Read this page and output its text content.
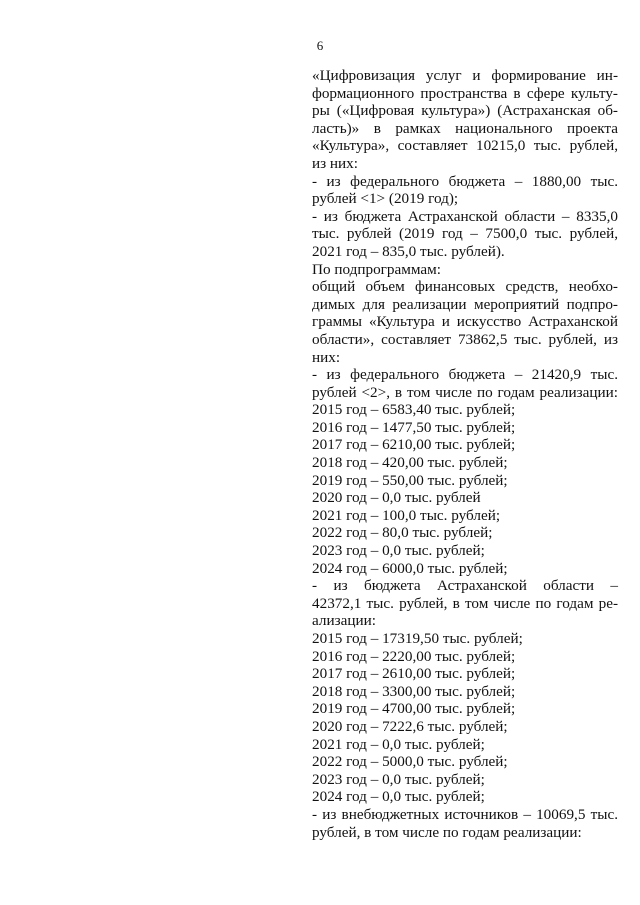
6
«Цифровизация услуг и формирование ин-
формационного пространства в сфере культу-
ры («Цифровая культура») (Астраханская об-
ласть)» в рамках национального проекта
«Культура», составляет 10215,0 тыс. рублей,
из них:
- из федерального бюджета – 1880,00 тыс.
рублей <1> (2019 год);
- из бюджета Астраханской области – 8335,0
тыс. рублей (2019 год – 7500,0 тыс. рублей,
2021 год – 835,0 тыс. рублей).
По подпрограммам:
общий объем финансовых средств, необхо-
димых для реализации мероприятий подпро-
граммы «Культура и искусство Астраханской
области», составляет 73862,5 тыс. рублей, из
них:
- из федерального бюджета – 21420,9 тыс.
рублей <2>, в том числе по годам реализации:
2015 год – 6583,40 тыс. рублей;
2016 год – 1477,50 тыс. рублей;
2017 год – 6210,00 тыс. рублей;
2018 год – 420,00 тыс. рублей;
2019 год – 550,00 тыс. рублей;
2020 год – 0,0 тыс. рублей
2021 год – 100,0 тыс. рублей;
2022 год – 80,0 тыс. рублей;
2023 год – 0,0 тыс. рублей;
2024 год – 6000,0 тыс. рублей;
- из бюджета Астраханской области –
42372,1 тыс. рублей, в том числе по годам ре-
ализации:
2015 год – 17319,50 тыс. рублей;
2016 год – 2220,00 тыс. рублей;
2017 год – 2610,00 тыс. рублей;
2018 год – 3300,00 тыс. рублей;
2019 год – 4700,00 тыс. рублей;
2020 год – 7222,6 тыс. рублей;
2021 год – 0,0 тыс. рублей;
2022 год – 5000,0 тыс. рублей;
2023 год – 0,0 тыс. рублей;
2024 год – 0,0 тыс. рублей;
- из внебюджетных источников – 10069,5 тыс.
рублей, в том числе по годам реализации:
